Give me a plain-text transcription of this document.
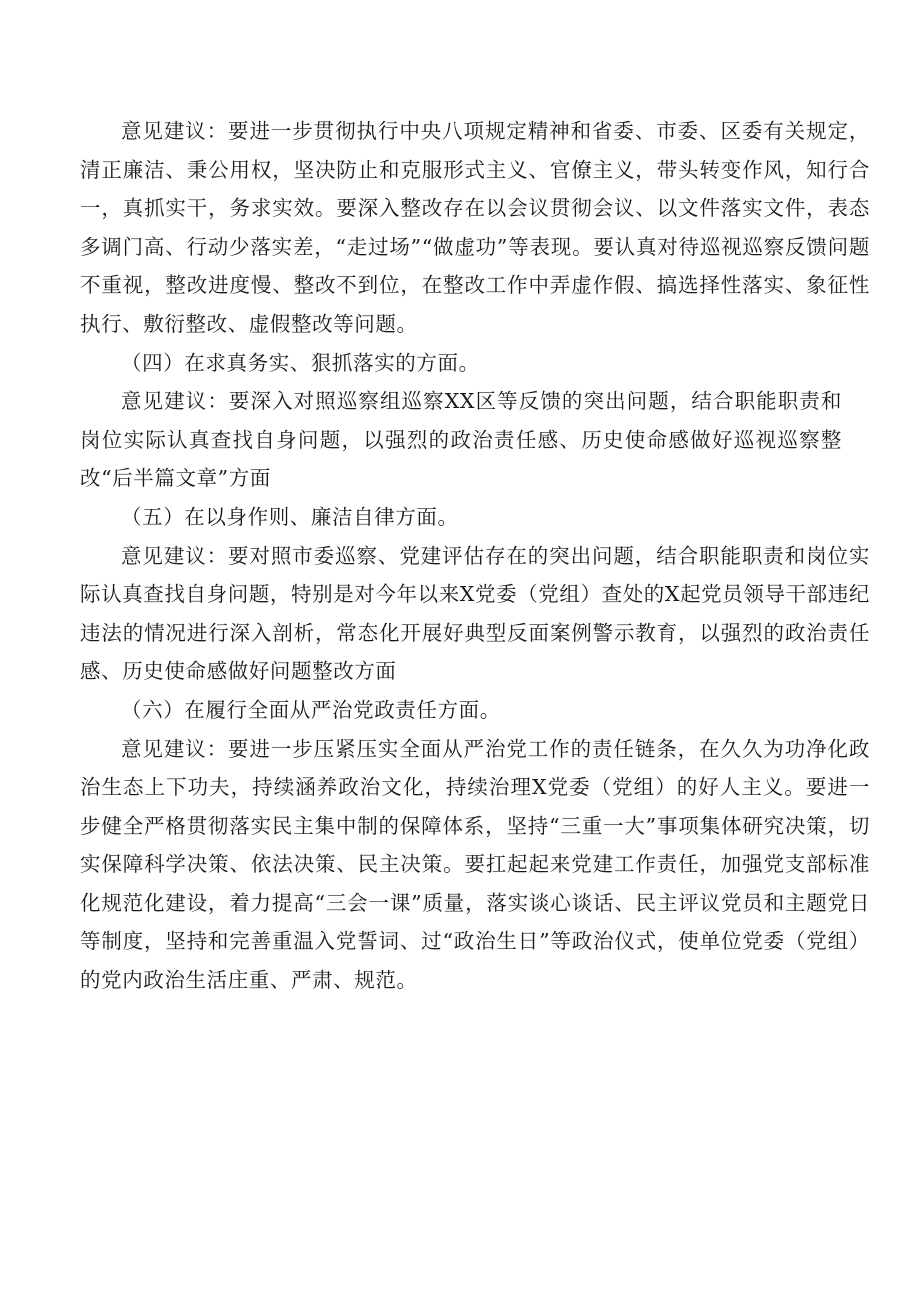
意见建议：要进一步贯彻执行中央八项规定精神和省委、市委、区委有关规定，清正廉洁、秉公用权，坚决防止和克服形式主义、官僚主义，带头转变作风，知行合一，真抓实干，务求实效。要深入整改存在以会议贯彻会议、以文件落实文件，表态多调门高、行动少落实差，“走过场”“做虚功”等表现。要认真对待巡视巡察反馈问题不重视，整改进度慢、整改不到位，在整改工作中弄虚作假、搞选择性落实、象征性执行、敷衍整改、虚假整改等问题。

（四）在求真务实、狠抓落实的方面。

意见建议：要深入对照巡察组巡察XX区等反馈的突出问题，结合职能职责和岗位实际认真查找自身问题，以强烈的政治责任感、历史使命感做好巡视巡察整改“后半篇文章”方面

（五）在以身作则、廉洁自律方面。

意见建议：要对照市委巡察、党建评估存在的突出问题，结合职能职责和岗位实际认真查找自身问题，特别是对今年以来X党委（党组）查处的X起党员领导干部违纪违法的情况进行深入剖析，常态化开展好典型反面案例警示教育，以强烈的政治责任感、历史使命感做好问题整改方面

（六）在履行全面从严治党政责任方面。

意见建议：要进一步压紧压实全面从严治党工作的责任链条，在久久为功净化政治生态上下功夫，持续涵养政治文化，持续治理X党委（党组）的好人主义。要进一步健全严格贯彻落实民主集中制的保障体系，坚持“三重一大”事项集体研究决策，切实保障科学决策、依法决策、民主决策。要扛起起来党建工作责任，加强党支部标准化规范化建设，着力提高“三会一课”质量，落实谈心谈话、民主评议党员和主题党日等制度，坚持和完善重温入党誓词、过“政治生日”等政治仪式，使单位党委（党组）的党内政治生活庄重、严肃、规范。
